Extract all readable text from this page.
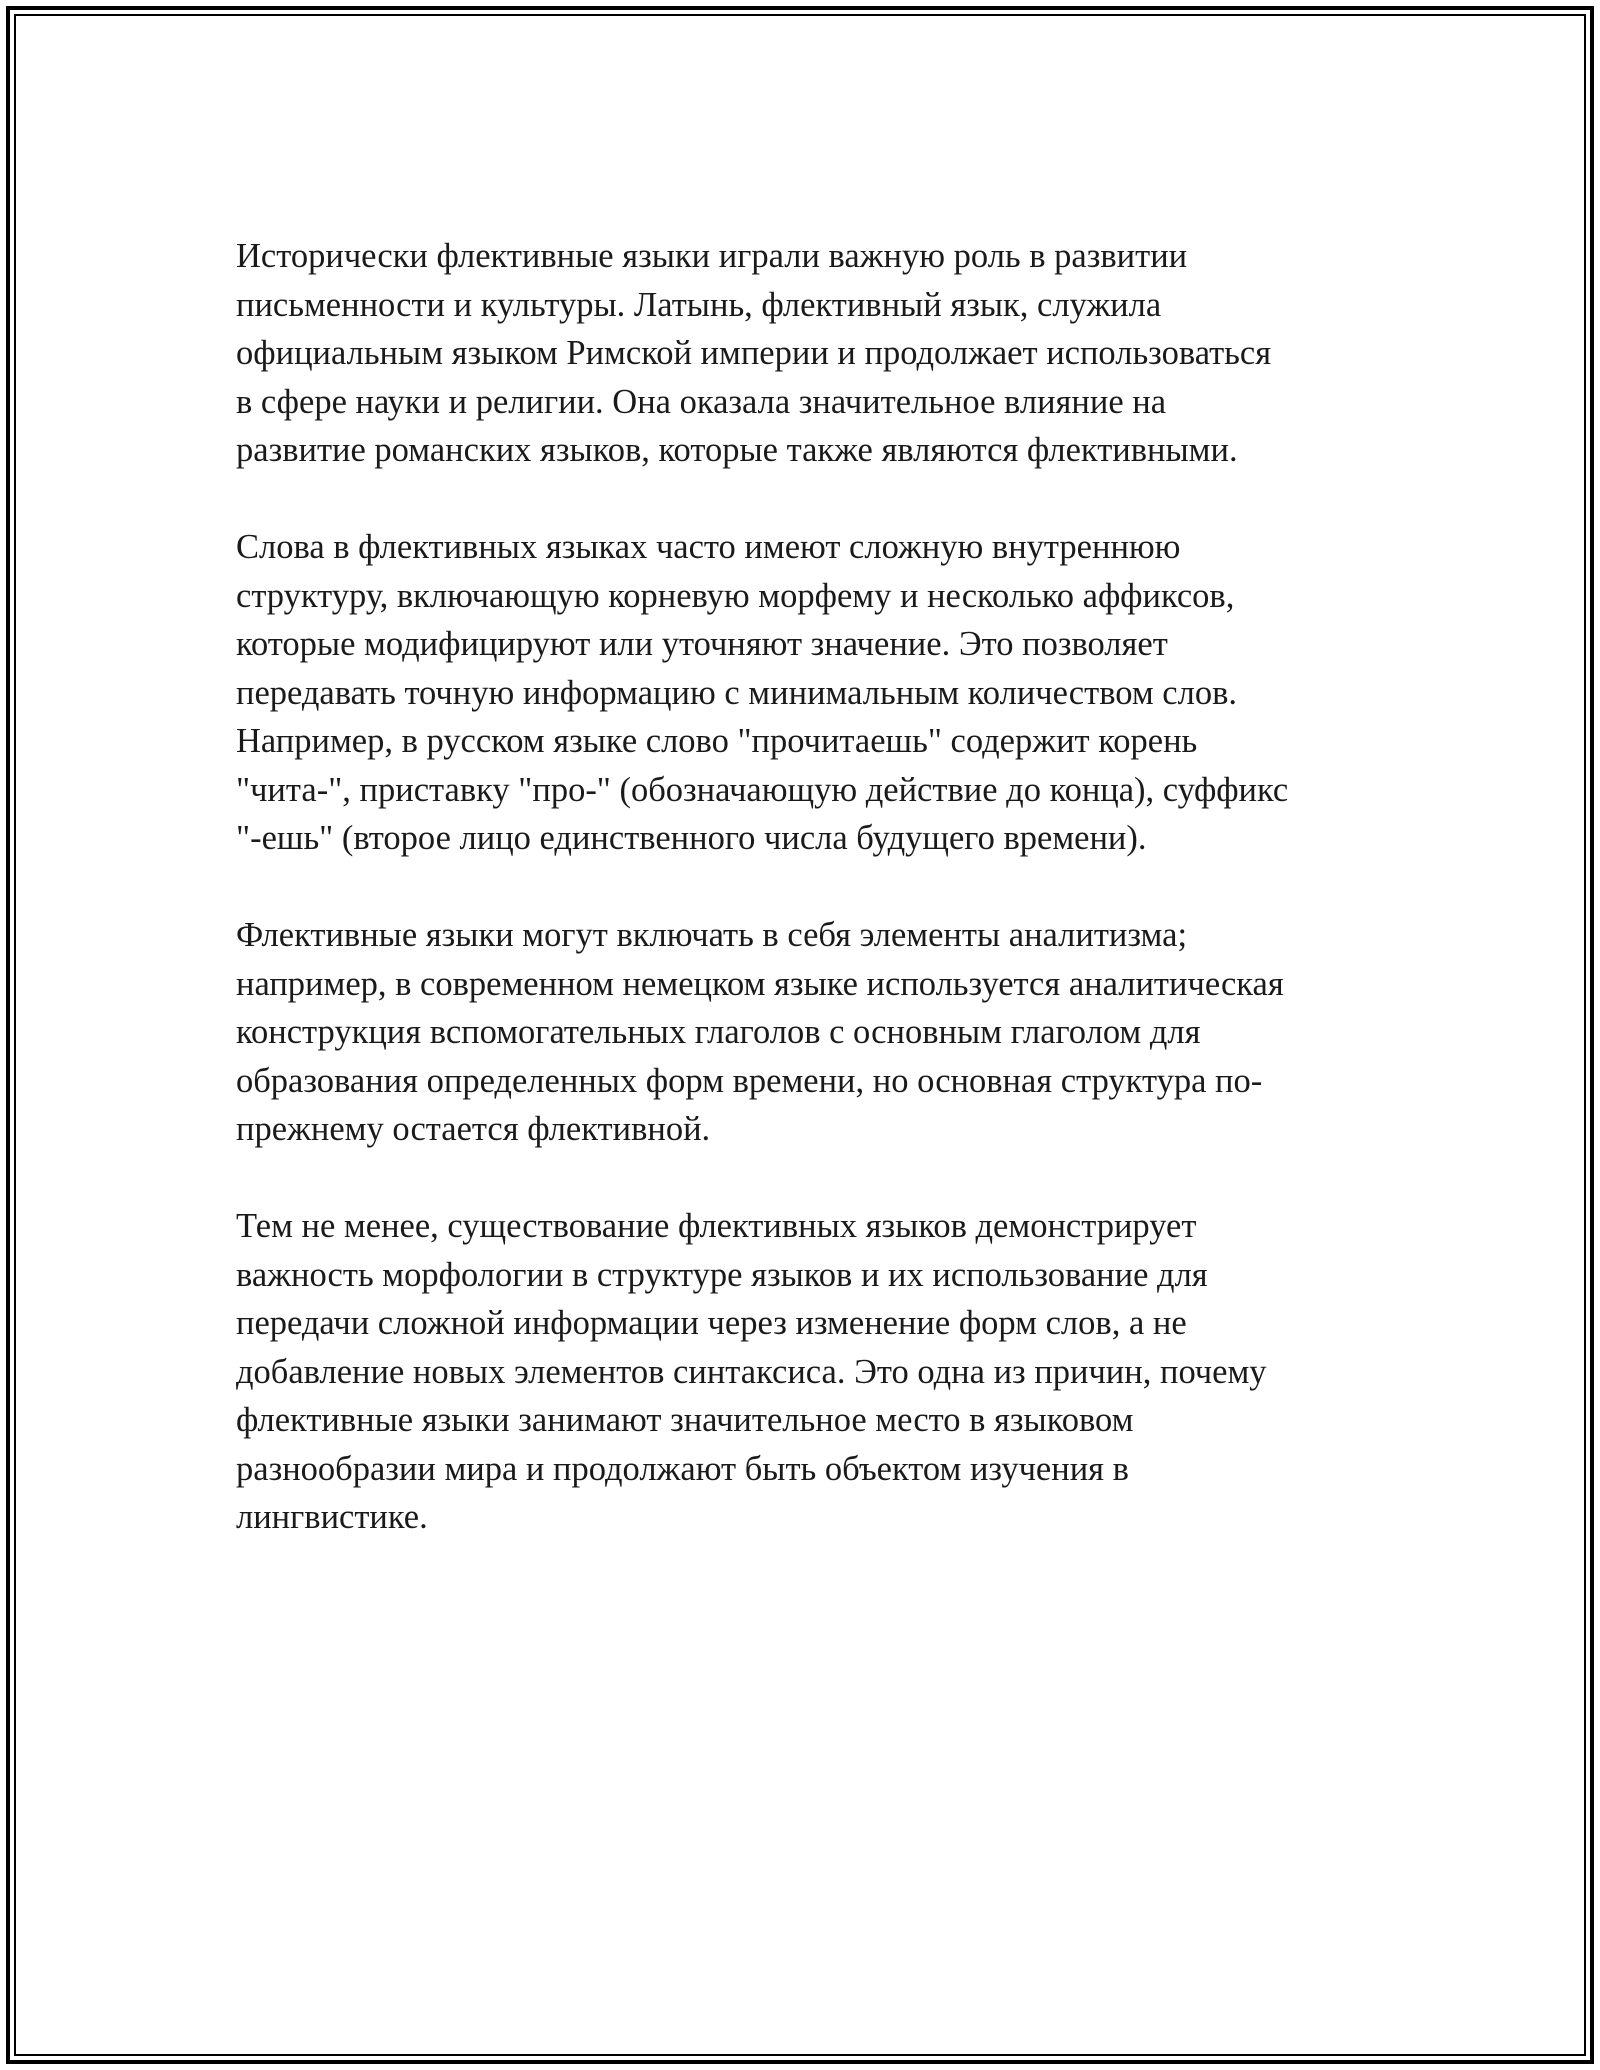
Исторически флективные языки играли важную роль в развитии
письменности и культуры. Латынь, флективный язык, служила
официальным языком Римской империи и продолжает использоваться
в сфере науки и религии. Она оказала значительное влияние на
развитие романских языков, которые также являются флективными.

Слова в флективных языках часто имеют сложную внутреннюю
структуру, включающую корневую морфему и несколько аффиксов,
которые модифицируют или уточняют значение. Это позволяет
передавать точную информацию с минимальным количеством слов.
Например, в русском языке слово "прочитаешь" содержит корень
"чита-", приставку "про-" (обозначающую действие до конца), суффикс
"-ешь" (второе лицо единственного числа будущего времени).

Флективные языки могут включать в себя элементы аналитизма;
например, в современном немецком языке используется аналитическая
конструкция вспомогательных глаголов с основным глаголом для
образования определенных форм времени, но основная структура по-
прежнему остается флективной.

Тем не менее, существование флективных языков демонстрирует
важность морфологии в структуре языков и их использование для
передачи сложной информации через изменение форм слов, а не
добавление новых элементов синтаксиса. Это одна из причин, почему
флективные языки занимают значительное место в языковом
разнообразии мира и продолжают быть объектом изучения в
лингвистике.
